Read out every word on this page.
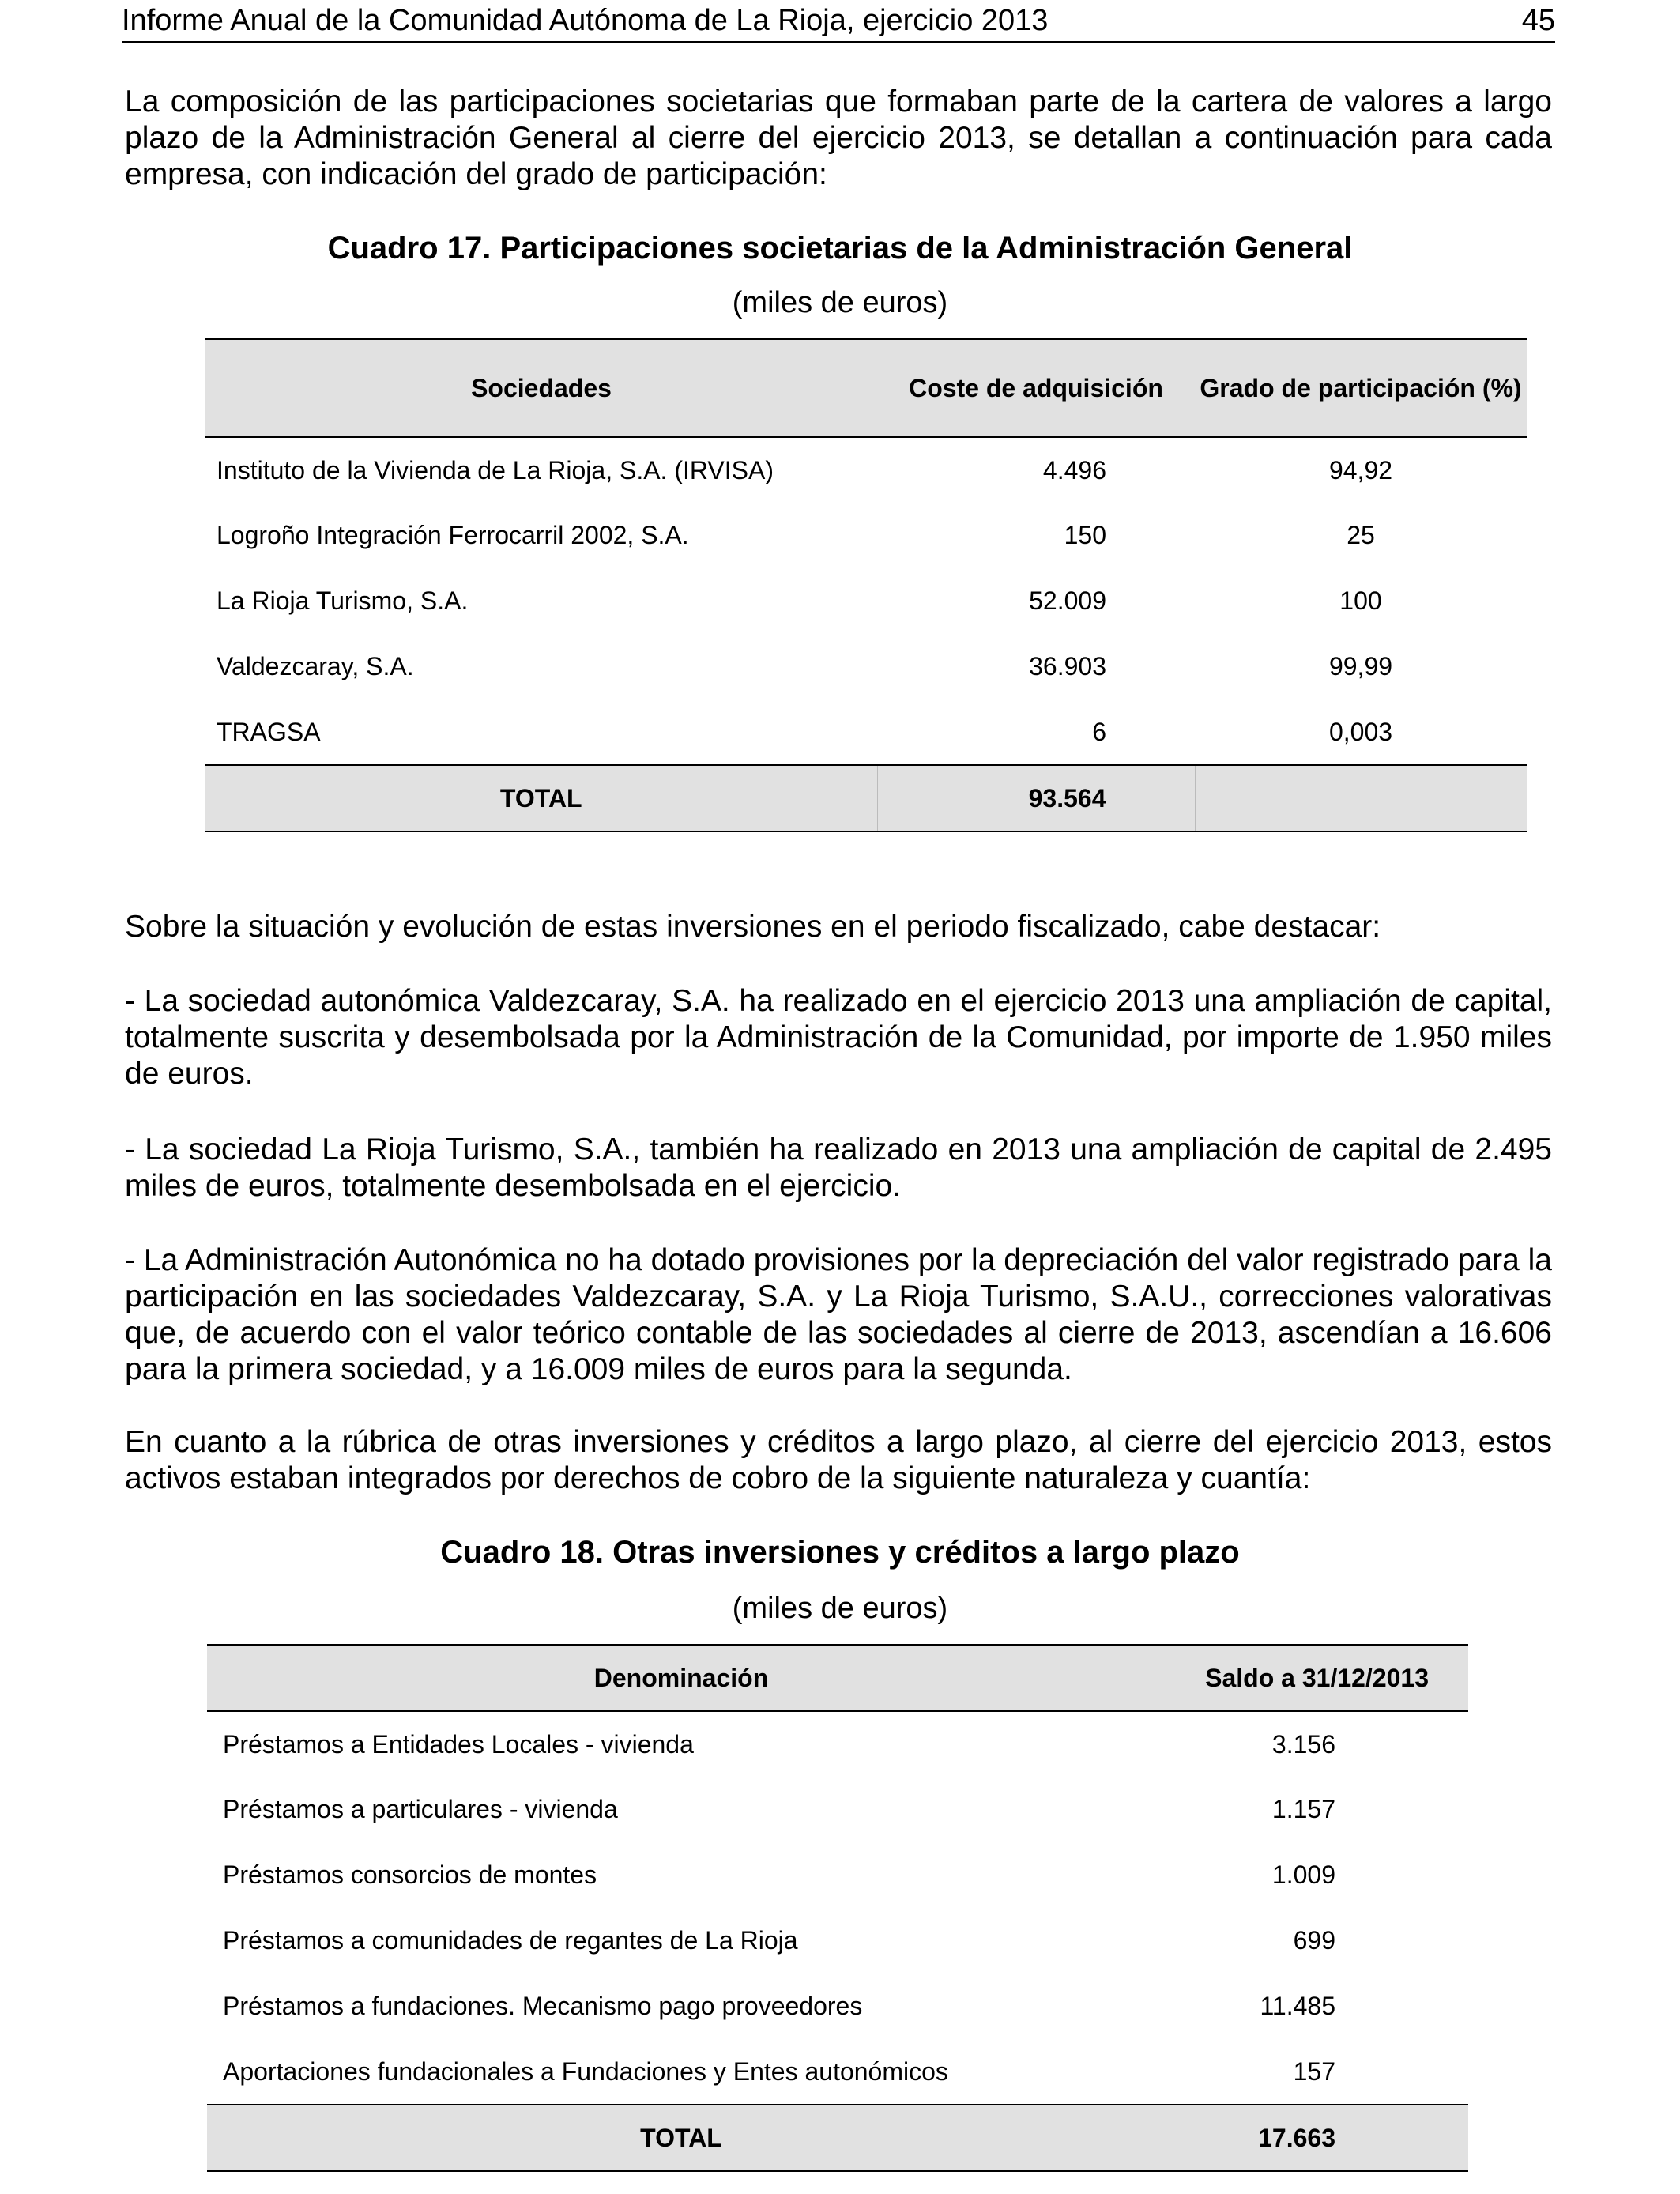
Informe Anual de la Comunidad Autónoma de La Rioja, ejercicio 2013	45

La composición de las participaciones societarias que formaban parte de la cartera de valores a largo plazo de la Administración General al cierre del ejercicio 2013, se detallan a continuación para cada empresa, con indicación del grado de participación:

Cuadro 17. Participaciones societarias de la Administración General

(miles de euros)

Sociedades	Coste de adquisición	Grado de participación (%)
Instituto de la Vivienda de La Rioja, S.A. (IRVISA)	4.496	94,92
Logroño Integración Ferrocarril 2002, S.A.	150	25
La Rioja Turismo, S.A.	52.009	100
Valdezcaray, S.A.	36.903	99,99
TRAGSA	6	0,003
TOTAL	93.564	

Sobre la situación y evolución de estas inversiones en el periodo fiscalizado, cabe destacar:

- La sociedad autonómica Valdezcaray, S.A. ha realizado en el ejercicio 2013 una ampliación de capital, totalmente suscrita y desembolsada por la Administración de la Comunidad, por importe de 1.950 miles de euros.

- La sociedad La Rioja Turismo, S.A., también ha realizado en 2013 una ampliación de capital de 2.495 miles de euros, totalmente desembolsada en el ejercicio.

- La Administración Autonómica no ha dotado provisiones por la depreciación del valor registrado para la participación en las sociedades Valdezcaray, S.A. y La Rioja Turismo, S.A.U., correcciones valorativas que, de acuerdo con el valor teórico contable de las sociedades al cierre de 2013, ascendían a 16.606 para la primera sociedad, y a 16.009 miles de euros para la segunda.

En cuanto a la rúbrica de otras inversiones y créditos a largo plazo, al cierre del ejercicio 2013, estos activos estaban integrados por derechos de cobro de la siguiente naturaleza y cuantía:

Cuadro 18. Otras inversiones y créditos a largo plazo

(miles de euros)

Denominación	Saldo a 31/12/2013
Préstamos a Entidades Locales - vivienda	3.156
Préstamos a particulares - vivienda	1.157
Préstamos consorcios de montes	1.009
Préstamos a comunidades de regantes de La Rioja	699
Préstamos a fundaciones. Mecanismo pago proveedores	11.485
Aportaciones fundacionales a Fundaciones y Entes autonómicos	157
TOTAL	17.663
